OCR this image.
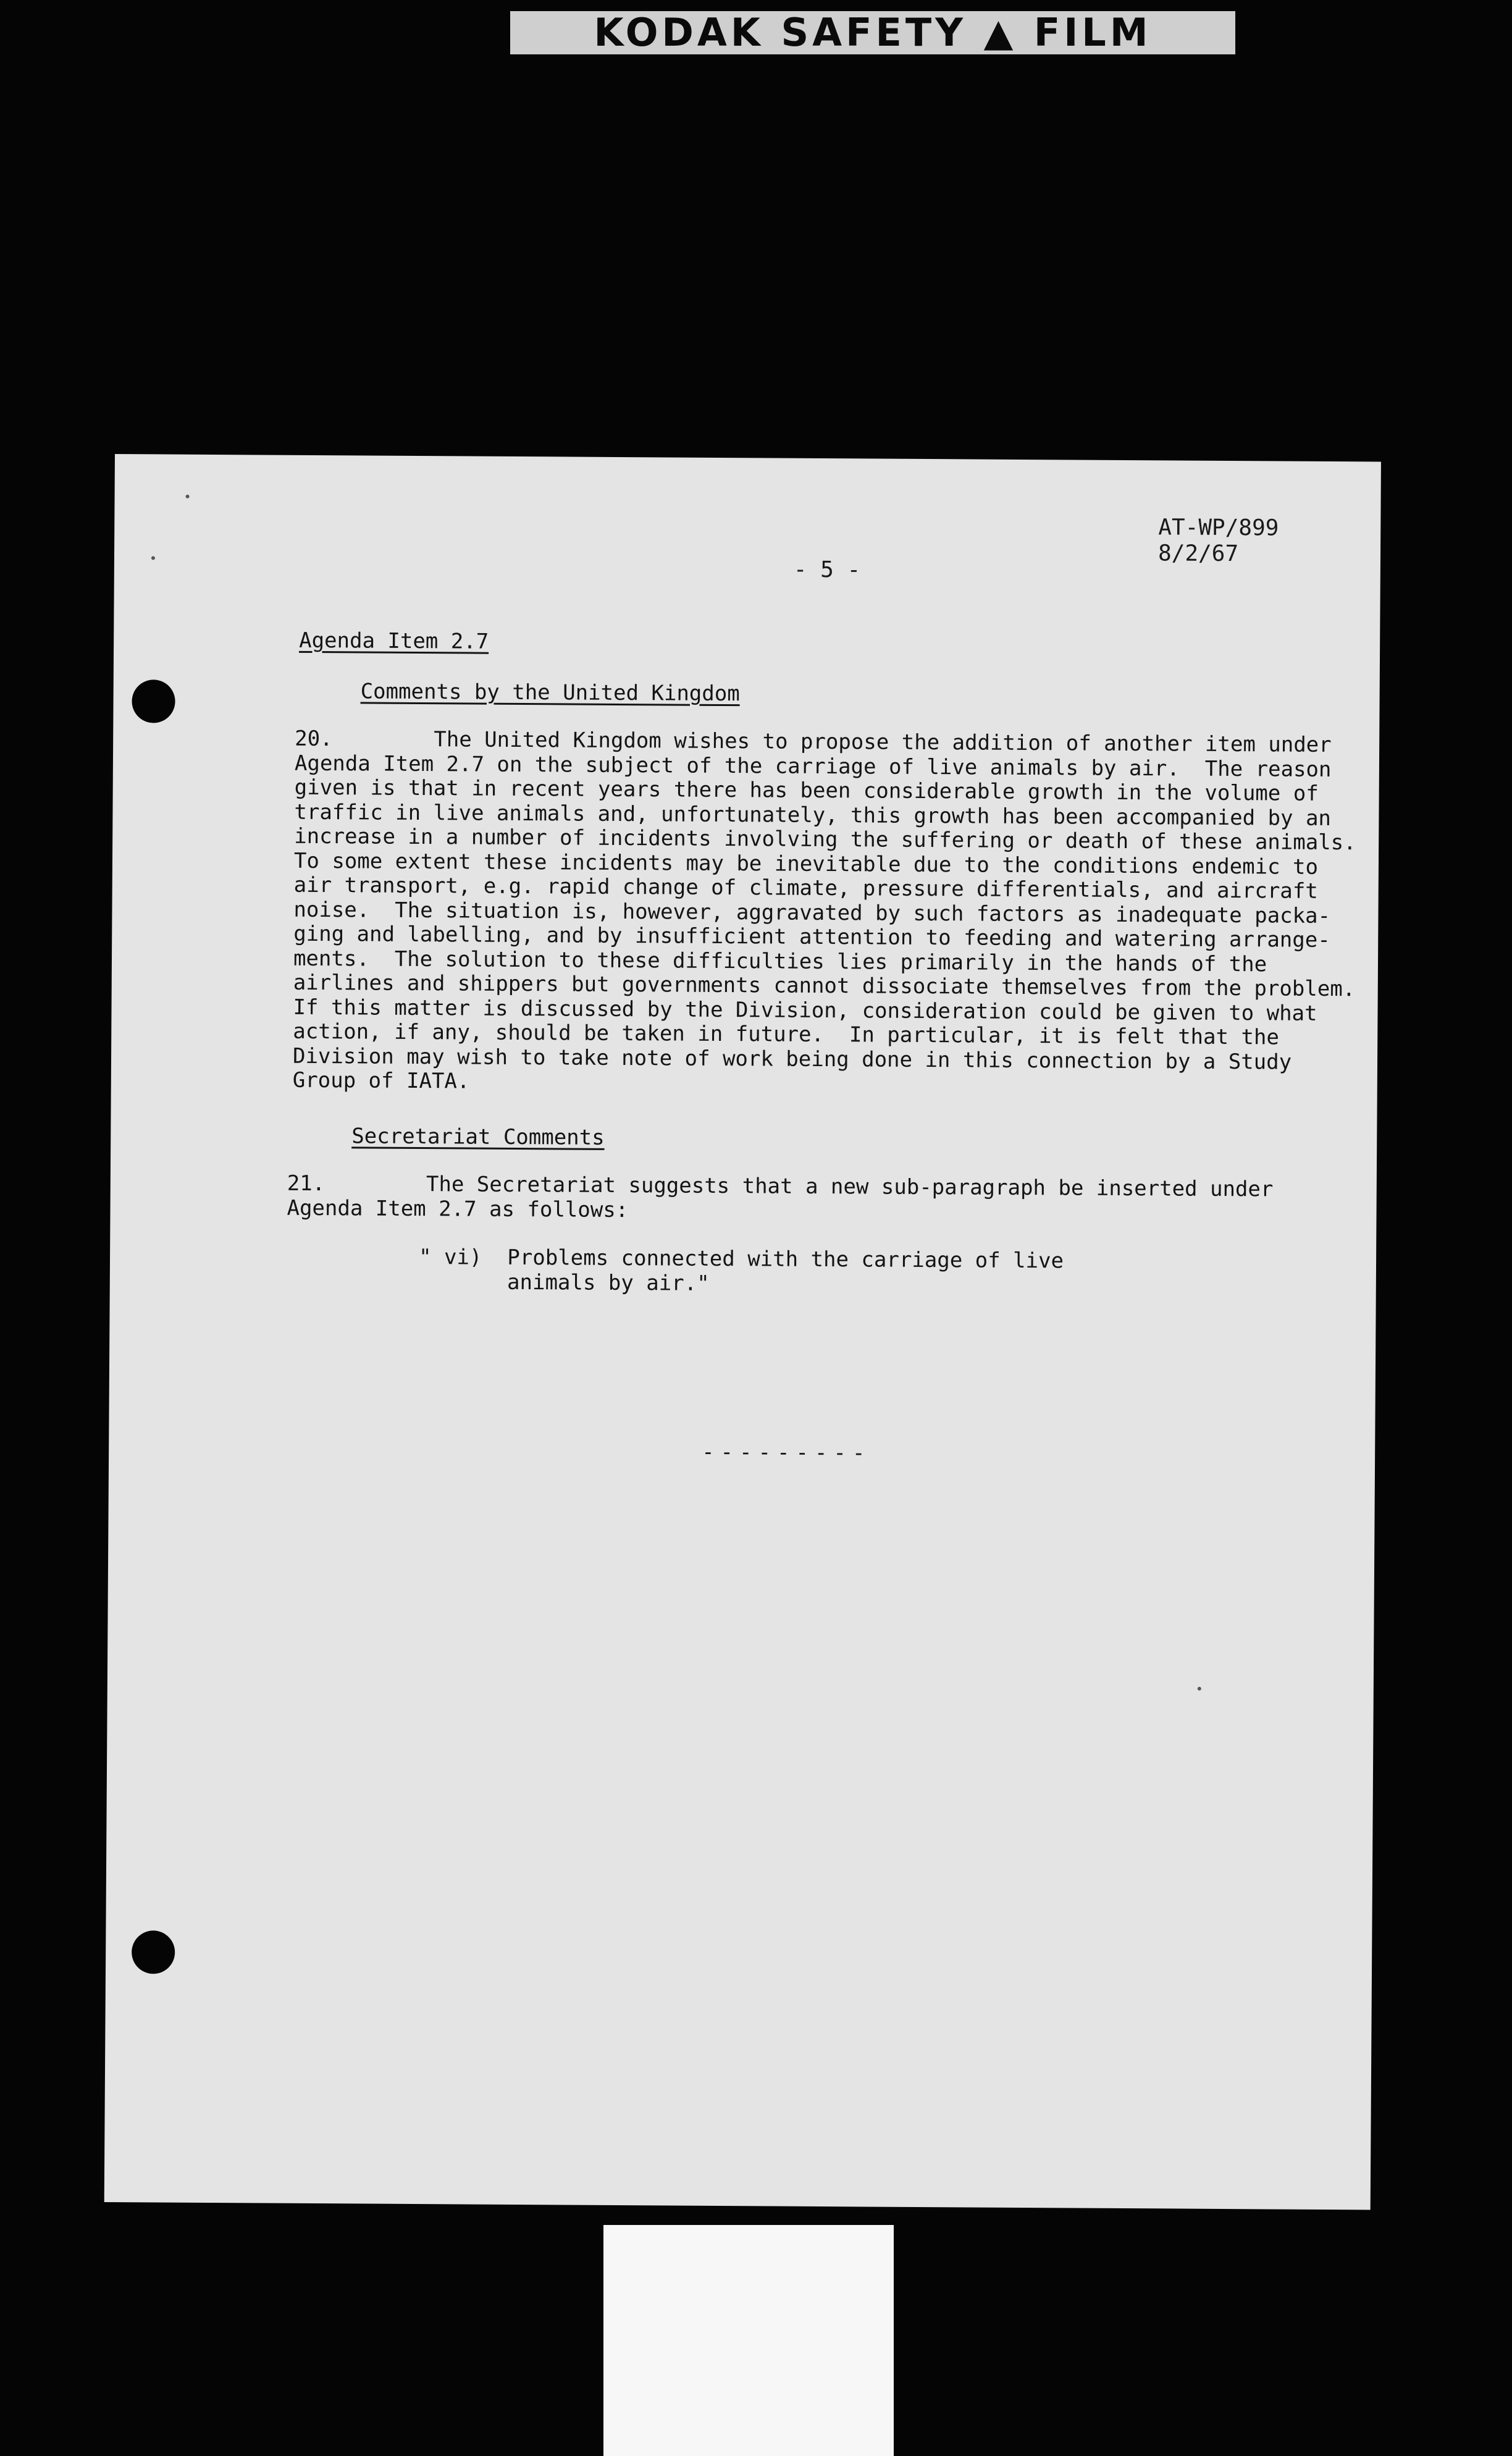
KODAK SAFETY ▲ FILM
AT-WP/899
8/2/67
- 5 -
Agenda Item 2.7
Comments by the United Kingdom
20.        The United Kingdom wishes to propose the addition of another item under
Agenda Item 2.7 on the subject of the carriage of live animals by air.  The reason
given is that in recent years there has been considerable growth in the volume of
traffic in live animals and, unfortunately, this growth has been accompanied by an
increase in a number of incidents involving the suffering or death of these animals.
To some extent these incidents may be inevitable due to the conditions endemic to
air transport, e.g. rapid change of climate, pressure differentials, and aircraft
noise.  The situation is, however, aggravated by such factors as inadequate packa-
ging and labelling, and by insufficient attention to feeding and watering arrange-
ments.  The solution to these difficulties lies primarily in the hands of the
airlines and shippers but governments cannot dissociate themselves from the problem.
If this matter is discussed by the Division, consideration could be given to what
action, if any, should be taken in future.  In particular, it is felt that the
Division may wish to take note of work being done in this connection by a Study
Group of IATA.
Secretariat Comments
21.        The Secretariat suggests that a new sub-paragraph be inserted under
Agenda Item 2.7 as follows:
" vi)  Problems connected with the carriage of live
animals by air."
---------
